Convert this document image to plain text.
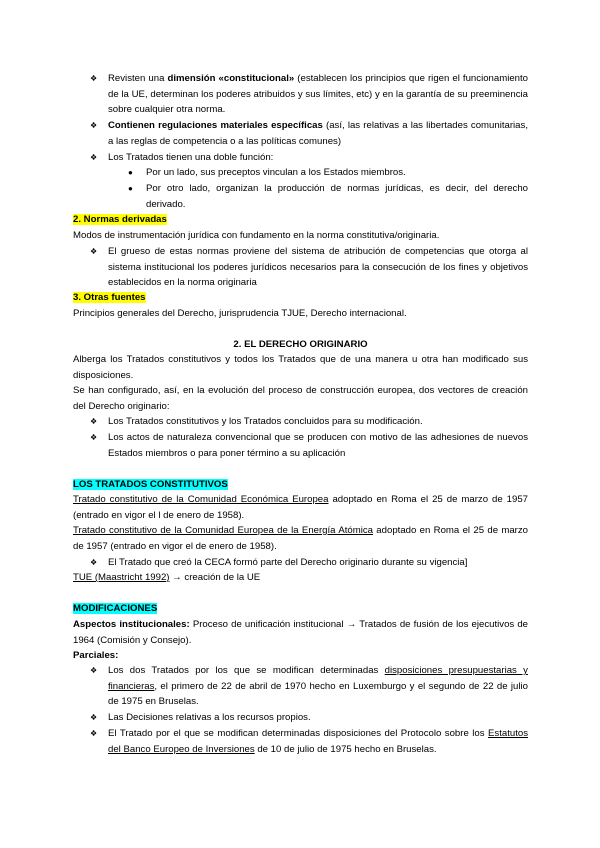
❖ Revisten una dimensión «constitucional» (establecen los principios que rigen el funcionamiento de la UE, determinan los poderes atribuidos y sus límites, etc) y en la garantía de su preeminencia sobre cualquier otra norma.
❖ Contienen regulaciones materiales específicas (así, las relativas a las libertades comunitarias, a las reglas de competencia o a las políticas comunes)
❖ Los Tratados tienen una doble función:
●	Por un lado, sus preceptos vinculan a los Estados miembros.
●	Por otro lado, organizan la producción de normas jurídicas, es decir, del derecho derivado.
2. Normas derivadas
Modos de instrumentación jurídica con fundamento en la norma constitutiva/originaria.
❖ El grueso de estas normas proviene del sistema de atribución de competencias que otorga al sistema institucional los poderes jurídicos necesarios para la consecución de los fines y objetivos establecidos en la norma originaria
3. Otras fuentes
Principios generales del Derecho, jurisprudencia TJUE, Derecho internacional.
2. EL DERECHO ORIGINARIO
Alberga los Tratados constitutivos y todos los Tratados que de una manera u otra han modificado sus disposiciones.
Se han configurado, así, en la evolución del proceso de construcción europea, dos vectores de creación del Derecho originario:
❖ Los Tratados constitutivos y los Tratados concluidos para su modificación.
❖ Los actos de naturaleza convencional que se producen con motivo de las adhesiones de nuevos Estados miembros o para poner término a su aplicación
LOS TRATADOS CONSTITUTIVOS
Tratado constitutivo de la Comunidad Económica Europea adoptado en Roma el 25 de marzo de 1957 (entrado en vigor el l de enero de 1958).
Tratado constitutivo de la Comunidad Europea de la Energía Atómica adoptado en Roma el 25 de marzo de 1957 (entrado en vigor el de enero de 1958).
❖ El Tratado que creó la CECA formó parte del Derecho originario durante su vigencia]
TUE (Maastricht 1992) → creación de la UE
MODIFICACIONES
Aspectos institucionales: Proceso de unificación institucional → Tratados de fusión de los ejecutivos de 1964 (Comisión y Consejo).
Parciales:
❖ Los dos Tratados por los que se modifican determinadas disposiciones presupuestarias y financieras, el primero de 22 de abril de 1970 hecho en Luxemburgo y el segundo de 22 de julio de 1975 en Bruselas.
❖ Las Decisiones relativas a los recursos propios.
❖ El Tratado por el que se modifican determinadas disposiciones del Protocolo sobre los Estatutos del Banco Europeo de Inversiones de 10 de julio de 1975 hecho en Bruselas.
